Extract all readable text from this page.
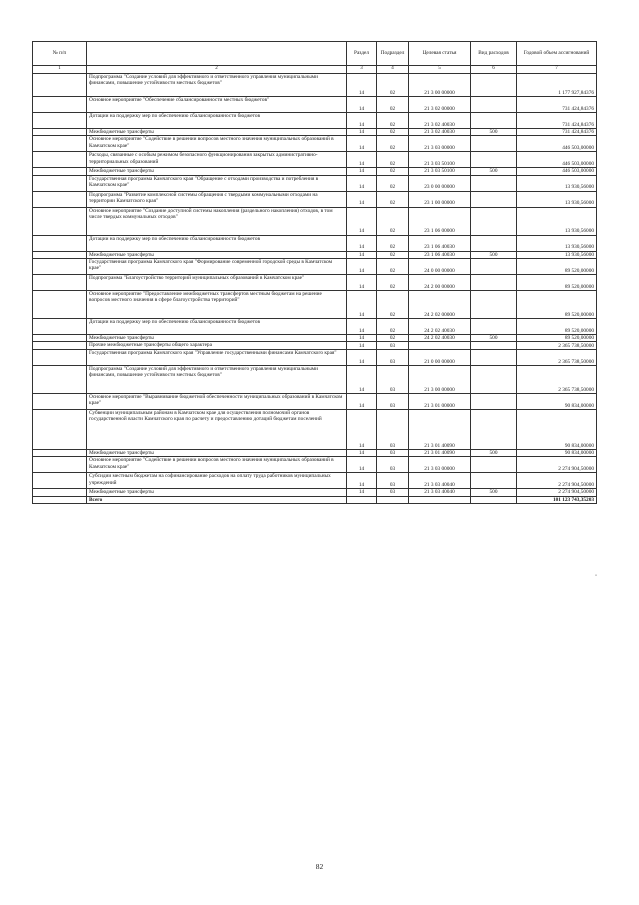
№ п/п		Раздел	Подраздел	Целевая статья	Вид расходов	Годовой объем ассигнований
1	2	3	4	5	6	7
	Подпрограмма "Создание условий для эффективного и ответственного управления муниципальными финансами, повышение устойчивости местных бюджетов"	14	02	21 3 00 00000		1 177 927,84376
	Основное мероприятие "Обеспечение сбалансированности местных бюджетов"	14	02	21 3 02 00000		731 424,84376
	Дотации на поддержку мер по обеспечению сбалансированности бюджетов	14	02	21 3 02 40030		731 424,84376
	Межбюджетные трансферты	14	02	21 3 02 40030	500	731 424,84376
	Основное мероприятие "Содействие в решении вопросов местного значения муниципальных образований в Камчатском крае"	14	02	21 3 03 00000		446 503,00000
	Расходы, связанные с особым режимом безопасного функционирования закрытых административно-территориальных образований	14	02	21 3 03 50100		446 503,00000
	Межбюджетные трансферты	14	02	21 3 03 50100	500	446 503,00000
	Государственная программа Камчатского края "Обращение с отходами производства и потребления в Камчатском крае"	14	02	23 0 00 00000		13 930,56000
	Подпрограмма "Развитие комплексной системы обращения с твердыми коммунальными отходами на территории Камчатского края"	14	02	23 1 00 00000		13 930,56000
	Основное мероприятие "Создание доступной системы накопления (раздельного накопления) отходов, в том числе твердых коммунальных отходов"	14	02	23 1 06 00000		13 930,56000
	Дотации на поддержку мер по обеспечению сбалансированности бюджетов	14	02	23 1 06 40030		13 930,56000
	Межбюджетные трансферты	14	02	23 1 06 40030	500	13 930,56000
	Государственная программа Камчатского края "Формирование современной городской среды в Камчатском крае"	14	02	24 0 00 00000		89 520,00000
	Подпрограмма "Благоустройство территорий муниципальных образований в Камчатском крае"	14	02	24 2 00 00000		89 520,00000
	Основное мероприятие "Предоставление межбюджетных трансфертов местным бюджетам на решение вопросов местного значения в сфере благоустройства территорий"	14	02	24 2 02 00000		89 520,00000
	Дотации на поддержку мер по обеспечению сбалансированности бюджетов	14	02	24 2 02 40030		89 520,00000
	Межбюджетные трансферты	14	02	24 2 02 40030	500	89 520,00000
	Прочие межбюджетные трансферты общего характера	14	03			2 365 738,50000
	Государственная программа Камчатского края "Управление государственными финансами Камчатского края"	14	03	21 0 00 00000		2 365 738,50000
	Подпрограмма "Создание условий для эффективного и ответственного управления муниципальными финансами, повышение устойчивости местных бюджетов"	14	03	21 3 00 00000		2 365 738,50000
	Основное мероприятие "Выравнивание бюджетной обеспеченности муниципальных образований в Камчатском крае"	14	03	21 3 01 00000		90 834,00000
	Субвенции муниципальным районам в Камчатском крае для осуществления полномочий органов государственной власти Камчатского края по расчету и предоставлению дотаций бюджетам поселений	14	03	21 3 01 40090		90 834,00000
	Межбюджетные трансферты	14	03	21 3 01 40090	500	90 834,00000
	Основное мероприятие "Содействие в решении вопросов местного значения муниципальных образований в Камчатском крае"	14	03	21 3 03 00000		2 274 904,50000
	Субсидии местным бюджетам на софинансирование расходов на оплату труда работников муниципальных учреждений	14	03	21 3 03 40040		2 274 904,50000
	Межбюджетные трансферты	14	03	21 3 03 40040	500	2 274 904,50000
	Всего					101 123 743,35203
»
82
